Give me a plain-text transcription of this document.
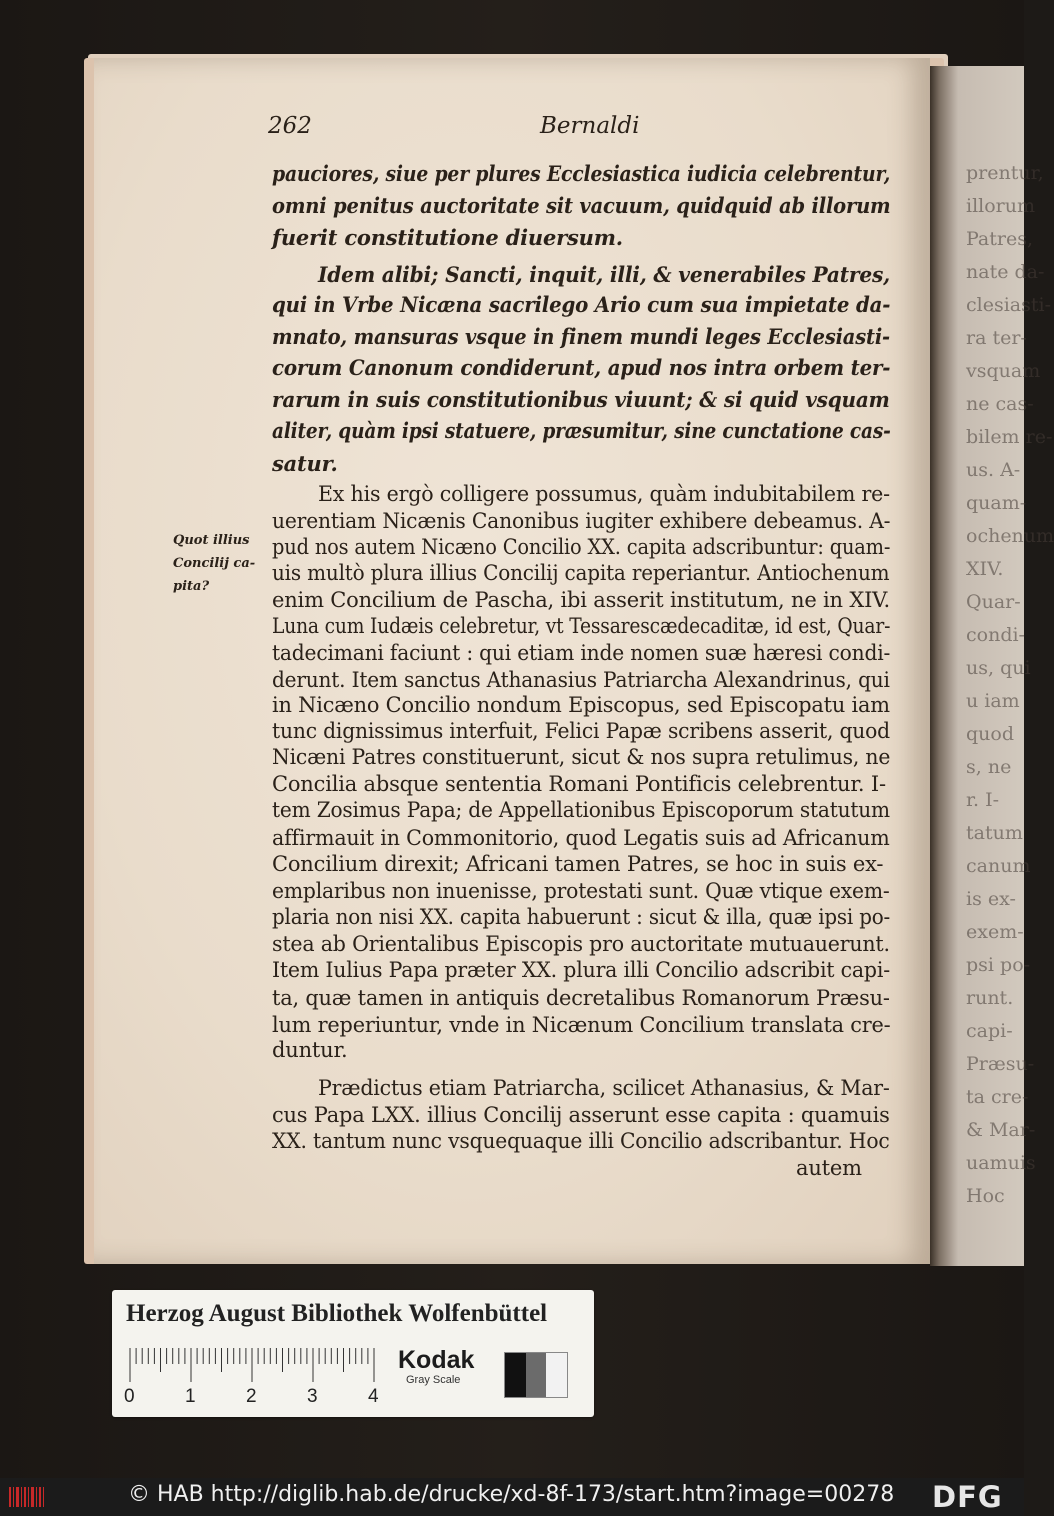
prentur,
illorum
Patres,
nate da-
clesiasti-
ra ter-
vsquam
ne cas-
bilem re-
us. A-
quam-
ochenum
XIV.
Quar-
condi-
us, qui
u iam
quod
s, ne
r. I-
tatum
canum
is ex-
exem-
psi po-
runt.
capi-
Præsu-
ta cre-
& Mar-
uamuis
Hoc
262	Bernaldi
pauciores, siue per plures Ecclesiastica iudicia celebrentur,
omni penitus auctoritate sit vacuum, quidquid ab illorum
fuerit constitutione diuersum.
Idem alibi; Sancti, inquit, illi, & venerabiles Patres,
qui in Vrbe Nicæna sacrilego Ario cum sua impietate da-
mnato, mansuras vsque in finem mundi leges Ecclesiasti-
corum Canonum condiderunt, apud nos intra orbem ter-
rarum in suis constitutionibus viuunt; & si quid vsquam
aliter, quàm ipsi statuere, præsumitur, sine cunctatione cas-
satur.
Ex his ergò colligere possumus, quàm indubitabilem re-
uerentiam Nicænis Canonibus iugiter exhibere debeamus. A-
pud nos autem Nicæno Concilio XX. capita adscribuntur: quam-
uis multò plura illius Concilij capita reperiantur. Antiochenum
enim Concilium de Pascha, ibi asserit institutum, ne in XIV.
Luna cum Iudæis celebretur, vt Tessarescædecaditæ, id est, Quar-
tadecimani faciunt : qui etiam inde nomen suæ hæresi condi-
derunt. Item sanctus Athanasius Patriarcha Alexandrinus, qui
in Nicæno Concilio nondum Episcopus, sed Episcopatu iam
tunc dignissimus interfuit, Felici Papæ scribens asserit, quod
Nicæni Patres constituerunt, sicut & nos supra retulimus, ne
Concilia absque sententia Romani Pontificis celebrentur. I-
tem Zosimus Papa; de Appellationibus Episcoporum statutum
affirmauit in Commonitorio, quod Legatis suis ad Africanum
Concilium direxit; Africani tamen Patres, se hoc in suis ex-
emplaribus non inuenisse, protestati sunt. Quæ vtique exem-
plaria non nisi XX. capita habuerunt : sicut & illa, quæ ipsi po-
stea ab Orientalibus Episcopis pro auctoritate mutuauerunt.
Item Iulius Papa præter XX. plura illi Concilio adscribit capi-
ta, quæ tamen in antiquis decretalibus Romanorum Præsu-
lum reperiuntur, vnde in Nicænum Concilium translata cre-
duntur.
Prædictus etiam Patriarcha, scilicet Athanasius, & Mar-
cus Papa LXX. illius Concilij asserunt esse capita : quamuis
XX. tantum nunc vsquequaque illi Concilio adscribantur. Hoc
autem
Quot illius
Concilij ca-
pita?
Herzog August Bibliothek Wolfenbüttel
0	1	2	3	4
Kodak
Gray Scale
© HAB http://diglib.hab.de/drucke/xd-8f-173/start.htm?image=00278 DFG
